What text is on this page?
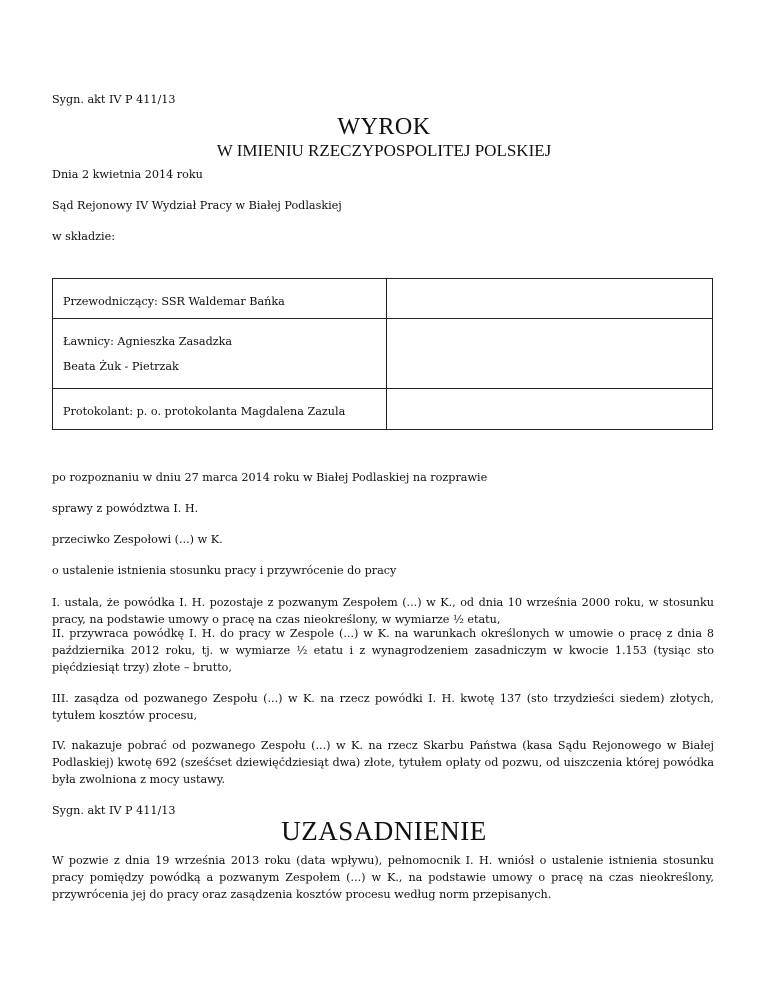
Sygn. akt IV P 411/13
WYROK
W IMIENIU RZECZYPOSPOLITEJ POLSKIEJ
Dnia 2 kwietnia 2014 roku
Sąd Rejonowy IV Wydział Pracy w Białej Podlaskiej
w składzie:
Przewodniczący: SSR Waldemar Bańka	

Ławnicy: Agnieszka Zasadzka
Beata Żuk - Pietrzak	

Protokolant: p. o. protokolanta Magdalena Zazula	

po rozpoznaniu w dniu 27 marca 2014 roku w Białej Podlaskiej na rozprawie
sprawy z powództwa I. H.
przeciwko Zespołowi (...) w K.
o ustalenie istnienia stosunku pracy i przywrócenie do pracy
I. ustala, że powódka I. H. pozostaje z pozwanym Zespołem (...) w K., od dnia 10 września 2000 roku, w stosunku pracy, na podstawie umowy o pracę na czas nieokreślony, w wymiarze ½ etatu,
II. przywraca powódkę I. H. do pracy w Zespole (...) w K. na warunkach określonych w umowie o pracę z dnia 8 października 2012 roku, tj. w wymiarze ½ etatu i z wynagrodzeniem zasadniczym w kwocie 1.153 (tysiąc sto pięćdziesiąt trzy) złote – brutto,
III. zasądza od pozwanego Zespołu (...) w K. na rzecz powódki I. H. kwotę 137 (sto trzydzieści siedem) złotych, tytułem kosztów procesu,
IV. nakazuje pobrać od pozwanego Zespołu (...) w K. na rzecz Skarbu Państwa (kasa Sądu Rejonowego w Białej Podlaskiej) kwotę 692 (sześćset dziewięćdziesiąt dwa) złote, tytułem opłaty od pozwu, od uiszczenia której powódka była zwolniona z mocy ustawy.
Sygn. akt IV P 411/13
UZASADNIENIE
W pozwie z dnia 19 września 2013 roku (data wpływu), pełnomocnik I. H. wniósł o ustalenie istnienia stosunku pracy pomiędzy powódką a pozwanym Zespołem (...) w K., na podstawie umowy o pracę na czas nieokreślony, przywrócenia jej do pracy oraz zasądzenia kosztów procesu według norm przepisanych.
